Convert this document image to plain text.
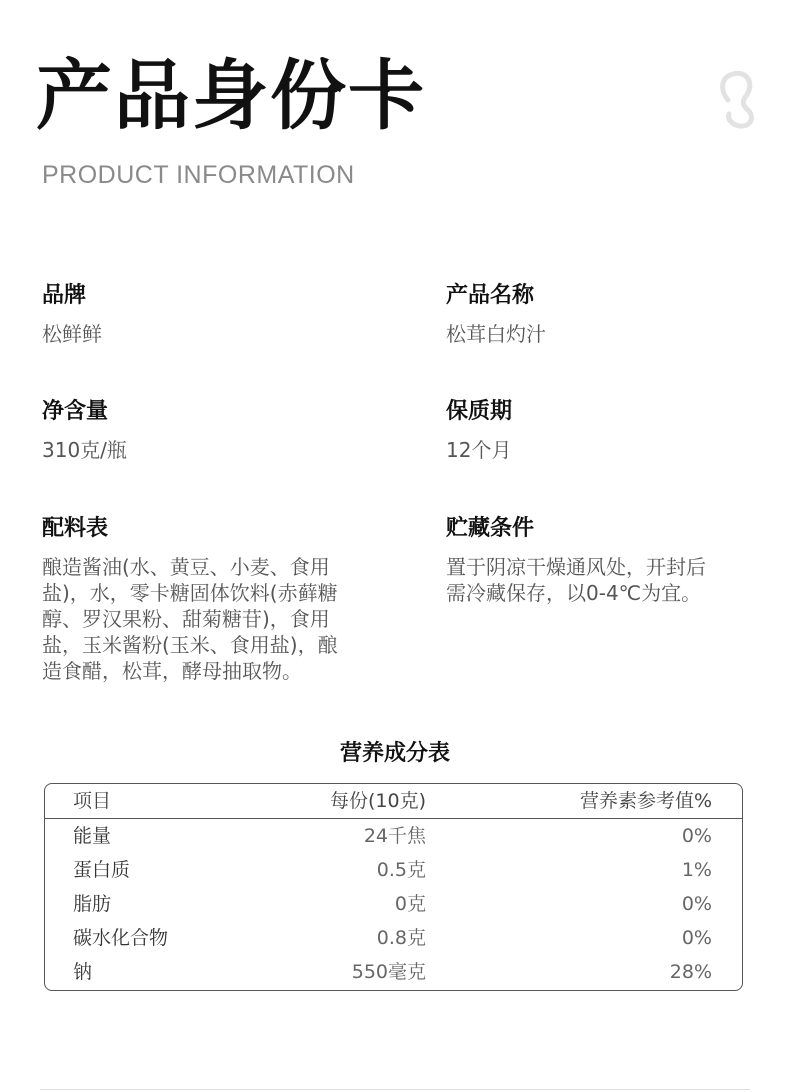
产品身份卡

PRODUCT INFORMATION

品牌

松鲜鲜

产品名称

松茸白灼汁

净含量

310克/瓶

保质期

12个月

配料表

酿造酱油(水、黄豆、小麦、食用

盐)，水，零卡糖固体饮料(赤藓糖

醇、罗汉果粉、甜菊糖苷)，食用

盐，玉米酱粉(玉米、食用盐)，酿

造食醋，松茸，酵母抽取物。

贮藏条件

置于阴凉干燥通风处，开封后

需冷藏保存，以0-4℃为宜。

营养成分表

项目	每份(10克)	营养素参考值%
能量	24千焦	0%
蛋白质	0.5克	1%
脂肪	0克	0%
碳水化合物	0.8克	0%
钠	550毫克	28%
